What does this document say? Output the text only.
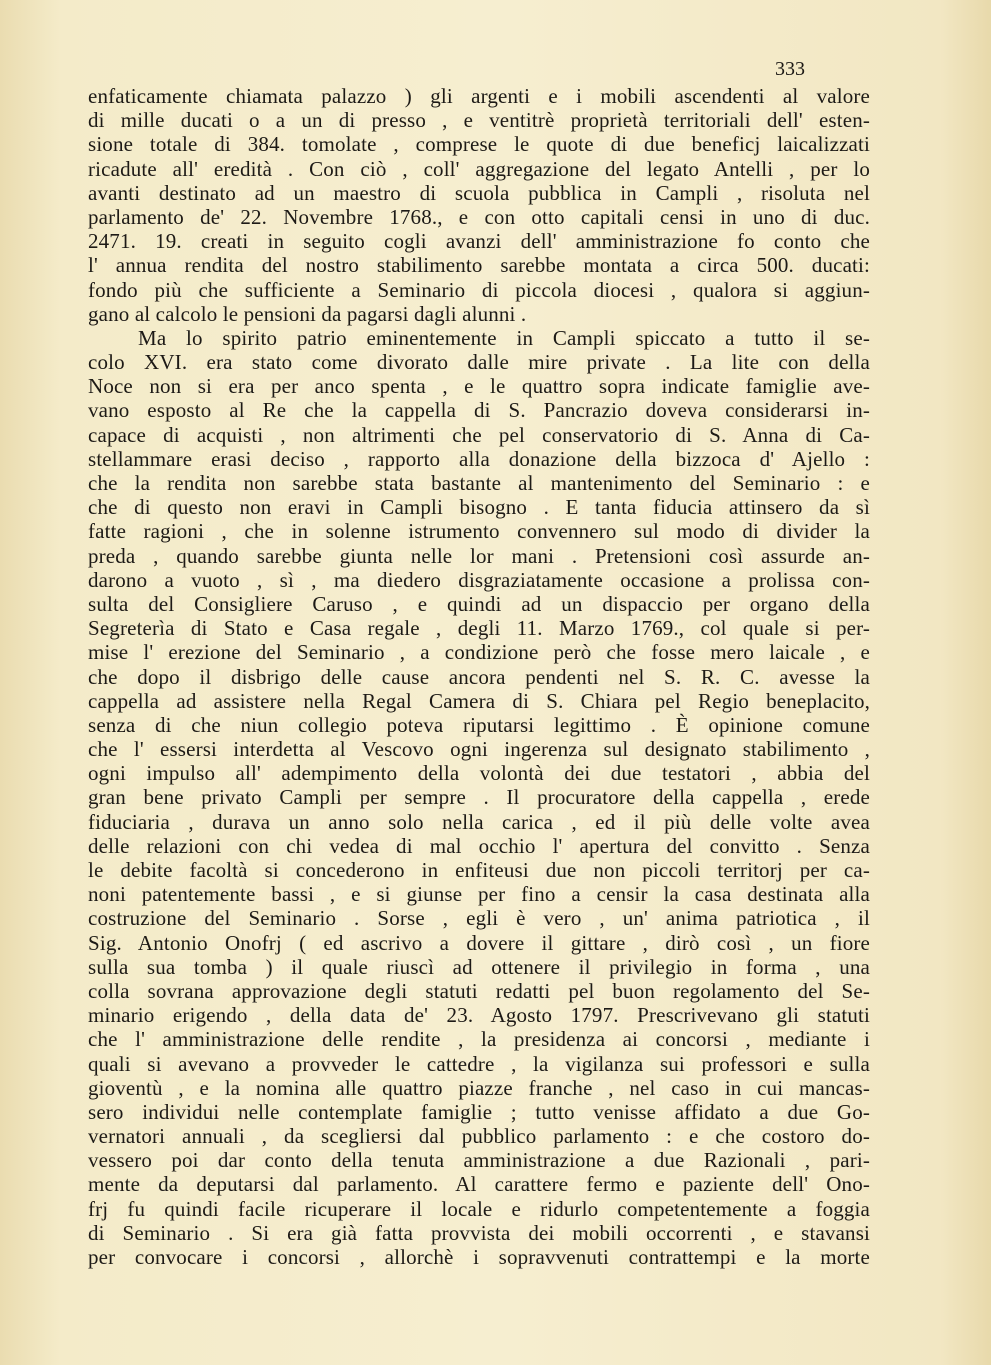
333
enfaticamente chiamata palazzo ) gli argenti e i mobili ascendenti al valore
di mille ducati o a un di presso , e ventitrè proprietà territoriali dell' esten-
sione totale di 384. tomolate , comprese le quote di due beneficj laicalizzati
ricadute all' eredità . Con ciò , coll' aggregazione del legato Antelli , per lo
avanti destinato ad un maestro di scuola pubblica in Campli , risoluta nel
parlamento de' 22. Novembre 1768., e con otto capitali censi in uno di duc.
2471. 19. creati in seguito cogli avanzi dell' amministrazione fo conto che
l' annua rendita del nostro stabilimento sarebbe montata a circa 500. ducati:
fondo più che sufficiente a Seminario di piccola diocesi , qualora si aggiun-
gano al calcolo le pensioni da pagarsi dagli alunni .
Ma lo spirito patrio eminentemente in Campli spiccato a tutto il se-
colo XVI. era stato come divorato dalle mire private . La lite con della
Noce non si era per anco spenta , e le quattro sopra indicate famiglie ave-
vano esposto al Re che la cappella di S. Pancrazio doveva considerarsi in-
capace di acquisti , non altrimenti che pel conservatorio di S. Anna di Ca-
stellammare erasi deciso , rapporto alla donazione della bizzoca d' Ajello :
che la rendita non sarebbe stata bastante al mantenimento del Seminario : e
che di questo non eravi in Campli bisogno . E tanta fiducia attinsero da sì
fatte ragioni , che in solenne istrumento convennero sul modo di divider la
preda , quando sarebbe giunta nelle lor mani . Pretensioni così assurde an-
darono a vuoto , sì , ma diedero disgraziatamente occasione a prolissa con-
sulta del Consigliere Caruso , e quindi ad un dispaccio per organo della
Segreterìa di Stato e Casa regale , degli 11. Marzo 1769., col quale si per-
mise l' erezione del Seminario , a condizione però che fosse mero laicale , e
che dopo il disbrigo delle cause ancora pendenti nel S. R. C. avesse la
cappella ad assistere nella Regal Camera di S. Chiara pel Regio beneplacito,
senza di che niun collegio poteva riputarsi legittimo . È opinione comune
che l' essersi interdetta al Vescovo ogni ingerenza sul designato stabilimento ,
ogni impulso all' adempimento della volontà dei due testatori , abbia del
gran bene privato Campli per sempre . Il procuratore della cappella , erede
fiduciaria , durava un anno solo nella carica , ed il più delle volte avea
delle relazioni con chi vedea di mal occhio l' apertura del convitto . Senza
le debite facoltà si concederono in enfiteusi due non piccoli territorj per ca-
noni patentemente bassi , e si giunse per fino a censir la casa destinata alla
costruzione del Seminario . Sorse , egli è vero , un' anima patriotica , il
Sig. Antonio Onofrj ( ed ascrivo a dovere il gittare , dirò così , un fiore
sulla sua tomba ) il quale riuscì ad ottenere il privilegio in forma , una
colla sovrana approvazione degli statuti redatti pel buon regolamento del Se-
minario erigendo , della data de' 23. Agosto 1797. Prescrivevano gli statuti
che l' amministrazione delle rendite , la presidenza ai concorsi , mediante i
quali si avevano a provveder le cattedre , la vigilanza sui professori e sulla
gioventù , e la nomina alle quattro piazze franche , nel caso in cui mancas-
sero individui nelle contemplate famiglie ; tutto venisse affidato a due Go-
vernatori annuali , da scegliersi dal pubblico parlamento : e che costoro do-
vessero poi dar conto della tenuta amministrazione a due Razionali , pari-
mente da deputarsi dal parlamento. Al carattere fermo e paziente dell' Ono-
frj fu quindi facile ricuperare il locale e ridurlo competentemente a foggia
di Seminario . Si era già fatta provvista dei mobili occorrenti , e stavansi
per convocare i concorsi , allorchè i sopravvenuti contrattempi e la morte
